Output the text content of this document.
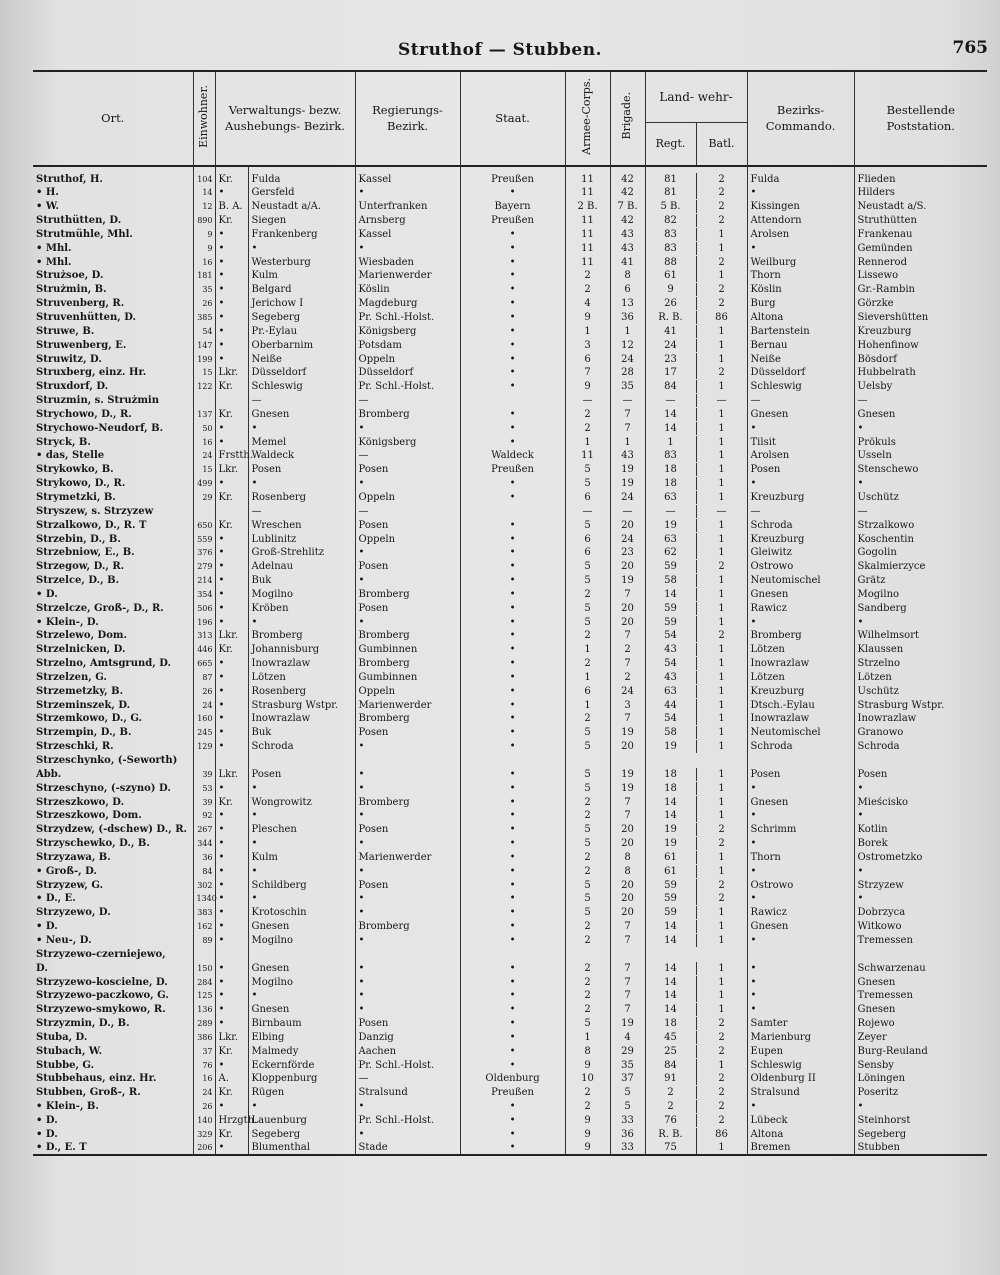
Struthof — Stubben.	765
Ort.	Einwohner.	Verwaltungs- bezw. Aushebungs- Bezirk.		Regierungs- Bezirk.	Staat.	Armee-Corps.	Brigade.	Land- wehr-
Regt. Batl.	Bezirks- Commando.	Bestellende Poststation.
Struthof, H.	104	Kr.	Fulda	Kassel	Preußen	11	42	81 2	Fulda	Flieden
• H.	14	•	Gersfeld	•	•	11	42	81 2	•	Hilders
• W.	12	B. A.	Neustadt a/A.	Unterfranken	Bayern	2 B.	7 B.	5 B. 2	Kissingen	Neustadt a/S.
Struthütten, D.	890	Kr.	Siegen	Arnsberg	Preußen	11	42	82 2	Attendorn	Struthütten
Strutmühle, Mhl.	9	•	Frankenberg	Kassel	•	11	43	83 1	Arolsen	Frankenau
• Mhl.	9	•	•	•	•	11	43	83 1	•	Gemünden
• Mhl.	16	•	Westerburg	Wiesbaden	•	11	41	88 2	Weilburg	Rennerod
Strużsoe, D.	181	•	Kulm	Marienwerder	•	2	8	61 1	Thorn	Lissewo
Strużmin, B.	35	•	Belgard	Köslin	•	2	6	9 2	Köslin	Gr.-Rambin
Struvenberg, R.	26	•	Jerichow I	Magdeburg	•	4	13	26 2	Burg	Görzke
Struvenhütten, D.	385	•	Segeberg	Pr. Schl.-Holst.	•	9	36	R. B. 86	Altona	Sievershütten
Struwe, B.	54	•	Pr.-Eylau	Königsberg	•	1	1	41 1	Bartenstein	Kreuzburg
Struwenberg, E.	147	•	Oberbarnim	Potsdam	•	3	12	24 1	Bernau	Hohenfinow
Struwitz, D.	199	•	Neiße	Oppeln	•	6	24	23 1	Neiße	Bösdorf
Struxberg, einz. Hr.	15	Lkr.	Düsseldorf	Düsseldorf	•	7	28	17 2	Düsseldorf	Hubbelrath
Struxdorf, D.	122	Kr.	Schleswig	Pr. Schl.-Holst.	•	9	35	84 1	Schleswig	Uelsby
Struzmin, s. Strużmin			—	—		—	—	— —	—	—
Strychowo, D., R.	137	Kr.	Gnesen	Bromberg	•	2	7	14 1	Gnesen	Gnesen
Strychowo-Neudorf, B.	50	•	•	•	•	2	7	14 1	•	•
Stryck, B.	16	•	Memel	Königsberg	•	1	1	1 1	Tilsit	Prökuls
• das, Stelle	24	Frstth.	Waldeck	—	Waldeck	11	43	83 1	Arolsen	Usseln
Strykowko, B.	15	Lkr.	Posen	Posen	Preußen	5	19	18 1	Posen	Stenschewo
Strykowo, D., R.	499	•	•	•	•	5	19	18 1	•	•
Strymetzki, B.	29	Kr.	Rosenberg	Oppeln	•	6	24	63 1	Kreuzburg	Uschütz
Stryszew, s. Strzyzew			—	—		—	—	— —	—	—
Strzalkowo, D., R. T	650	Kr.	Wreschen	Posen	•	5	20	19 1	Schroda	Strzalkowo
Strzebin, D., B.	559	•	Lublinitz	Oppeln	•	6	24	63 1	Kreuzburg	Koschentin
Strzebniow, E., B.	376	•	Groß-Strehlitz	•	•	6	23	62 1	Gleiwitz	Gogolin
Strzegow, D., R.	279	•	Adelnau	Posen	•	5	20	59 2	Ostrowo	Skalmierzyce
Strzelce, D., B.	214	•	Buk	•	•	5	19	58 1	Neutomischel	Grätz
• D.	354	•	Mogilno	Bromberg	•	2	7	14 1	Gnesen	Mogilno
Strzelcze, Groß-, D., R.	506	•	Kröben	Posen	•	5	20	59 1	Rawicz	Sandberg
• Klein-, D.	196	•	•	•	•	5	20	59 1	•	•
Strzelewo, Dom.	313	Lkr.	Bromberg	Bromberg	•	2	7	54 2	Bromberg	Wilhelmsort
Strzelnicken, D.	446	Kr.	Johannisburg	Gumbinnen	•	1	2	43 1	Lötzen	Klaussen
Strzelno, Amtsgrund, D.	665	•	Inowrazlaw	Bromberg	•	2	7	54 1	Inowrazlaw	Strzelno
Strzelzen, G.	87	•	Lötzen	Gumbinnen	•	1	2	43 1	Lötzen	Lötzen
Strzemetzky, B.	26	•	Rosenberg	Oppeln	•	6	24	63 1	Kreuzburg	Uschütz
Strzeminszek, D.	24	•	Strasburg Wstpr.	Marienwerder	•	1	3	44 1	Dtsch.-Eylau	Strasburg Wstpr.
Strzemkowo, D., G.	160	•	Inowrazlaw	Bromberg	•	2	7	54 1	Inowrazlaw	Inowrazlaw
Strzempin, D., B.	245	•	Buk	Posen	•	5	19	58 1	Neutomischel	Granowo
Strzeschki, R.	129	•	Schroda	•	•	5	20	19 1	Schroda	Schroda
Strzeschynko, (-Seworth)								

Abb.	39	Lkr.	Posen	•	•	5	19	18 1	Posen	Posen
Strzeschyno, (-szyno) D.	53	•	•	•	•	5	19	18 1	•	•
Strzeszkowo, D.	39	Kr.	Wongrowitz	Bromberg	•	2	7	14 1	Gnesen	Mieścisko
Strzeszkowo, Dom.	92	•	•	•	•	2	7	14 1	•	•
Strzydzew, (-dschew) D., R.	267	•	Pleschen	Posen	•	5	20	19 2	Schrimm	Kotlin
Strzyschewko, D., B.	344	•	•	•	•	5	20	19 2	•	Borek
Strzyzawa, B.	36	•	Kulm	Marienwerder	•	2	8	61 1	Thorn	Ostrometzko
• Groß-, D.	84	•	•	•	•	2	8	61 1	•	•
Strzyzew, G.	302	•	Schildberg	Posen	•	5	20	59 2	Ostrowo	Strzyzew
• D., E.	1340	•	•	•	•	5	20	59 2	•	•
Strzyzewo, D.	383	•	Krotoschin	•	•	5	20	59 1	Rawicz	Dobrzyca
• D.	162	•	Gnesen	Bromberg	•	2	7	14 1	Gnesen	Witkowo
• Neu-, D.	89	•	Mogilno	•	•	2	7	14 1	•	Tremessen
Strzyzewo-czerniejewo,								

D.	150	•	Gnesen	•	•	2	7	14 1	•	Schwarzenau
Strzyzewo-koscielne, D.	284	•	Mogilno	•	•	2	7	14 1	•	Gnesen
Strzyzewo-paczkowo, G.	125	•	•	•	•	2	7	14 1	•	Tremessen
Strzyzewo-smykowo, R.	136	•	Gnesen	•	•	2	7	14 1	•	Gnesen
Strzyzmin, D., B.	289	•	Birnbaum	Posen	•	5	19	18 2	Samter	Rojewo
Stuba, D.	386	Lkr.	Elbing	Danzig	•	1	4	45 2	Marienburg	Zeyer
Stubach, W.	37	Kr.	Malmedy	Aachen	•	8	29	25 2	Eupen	Burg-Reuland
Stubbe, G.	76	•	Eckernförde	Pr. Schl.-Holst.	•	9	35	84 1	Schleswig	Sensby
Stubbehaus, einz. Hr.	16	A.	Kloppenburg	—	Oldenburg	10	37	91 2	Oldenburg II	Löningen
Stubben, Groß-, R.	24	Kr.	Rügen	Stralsund	Preußen	2	5	2 2	Stralsund	Poseritz
• Klein-, B.	26	•	•	•	•	2	5	2 2	•	•
• D.	140	Hrzgth.	Lauenburg	Pr. Schl.-Holst.	•	9	33	76 2	Lübeck	Steinhorst
• D.	329	Kr.	Segeberg	•	•	9	36	R. B. 86	Altona	Segeberg
• D., E. T	206	•	Blumenthal	Stade	•	9	33	75 1	Bremen	Stubben
